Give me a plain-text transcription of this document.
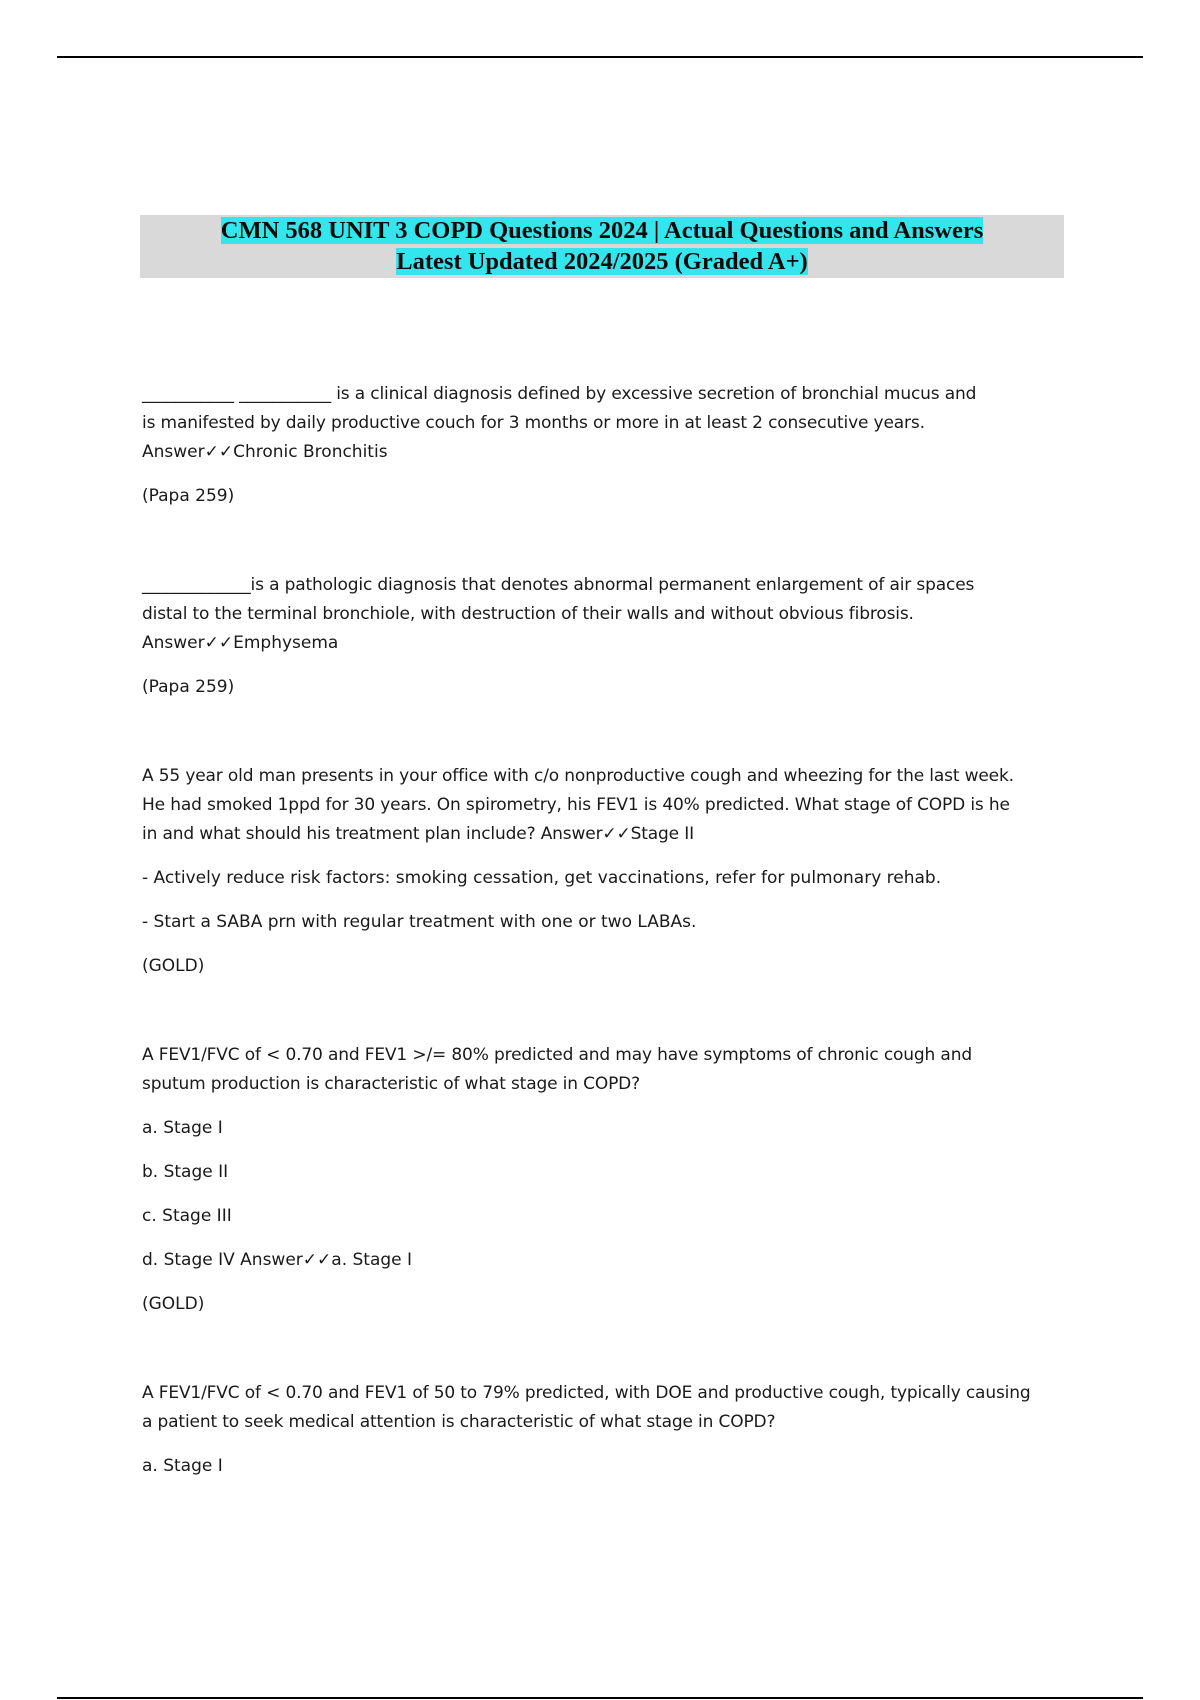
CMN 568 UNIT 3 COPD Questions 2024 | Actual Questions and Answers
Latest Updated 2024/2025 (Graded A+)

___________ ___________ is a clinical diagnosis defined by excessive secretion of bronchial mucus and

is manifested by daily productive couch for 3 months or more in at least 2 consecutive years.

Answer✓✓Chronic Bronchitis

(Papa 259)

_____________is a pathologic diagnosis that denotes abnormal permanent enlargement of air spaces

distal to the terminal bronchiole, with destruction of their walls and without obvious fibrosis.

Answer✓✓Emphysema

(Papa 259)

A 55 year old man presents in your office with c/o nonproductive cough and wheezing for the last week.

He had smoked 1ppd for 30 years. On spirometry, his FEV1 is 40% predicted. What stage of COPD is he

in and what should his treatment plan include? Answer✓✓Stage II

- Actively reduce risk factors: smoking cessation, get vaccinations, refer for pulmonary rehab.

- Start a SABA prn with regular treatment with one or two LABAs.

(GOLD)

A FEV1/FVC of < 0.70 and FEV1 >/= 80% predicted and may have symptoms of chronic cough and

sputum production is characteristic of what stage in COPD?

a. Stage I

b. Stage II

c. Stage III

d. Stage IV Answer✓✓a. Stage I

(GOLD)

A FEV1/FVC of < 0.70 and FEV1 of 50 to 79% predicted, with DOE and productive cough, typically causing

a patient to seek medical attention is characteristic of what stage in COPD?

a. Stage I
